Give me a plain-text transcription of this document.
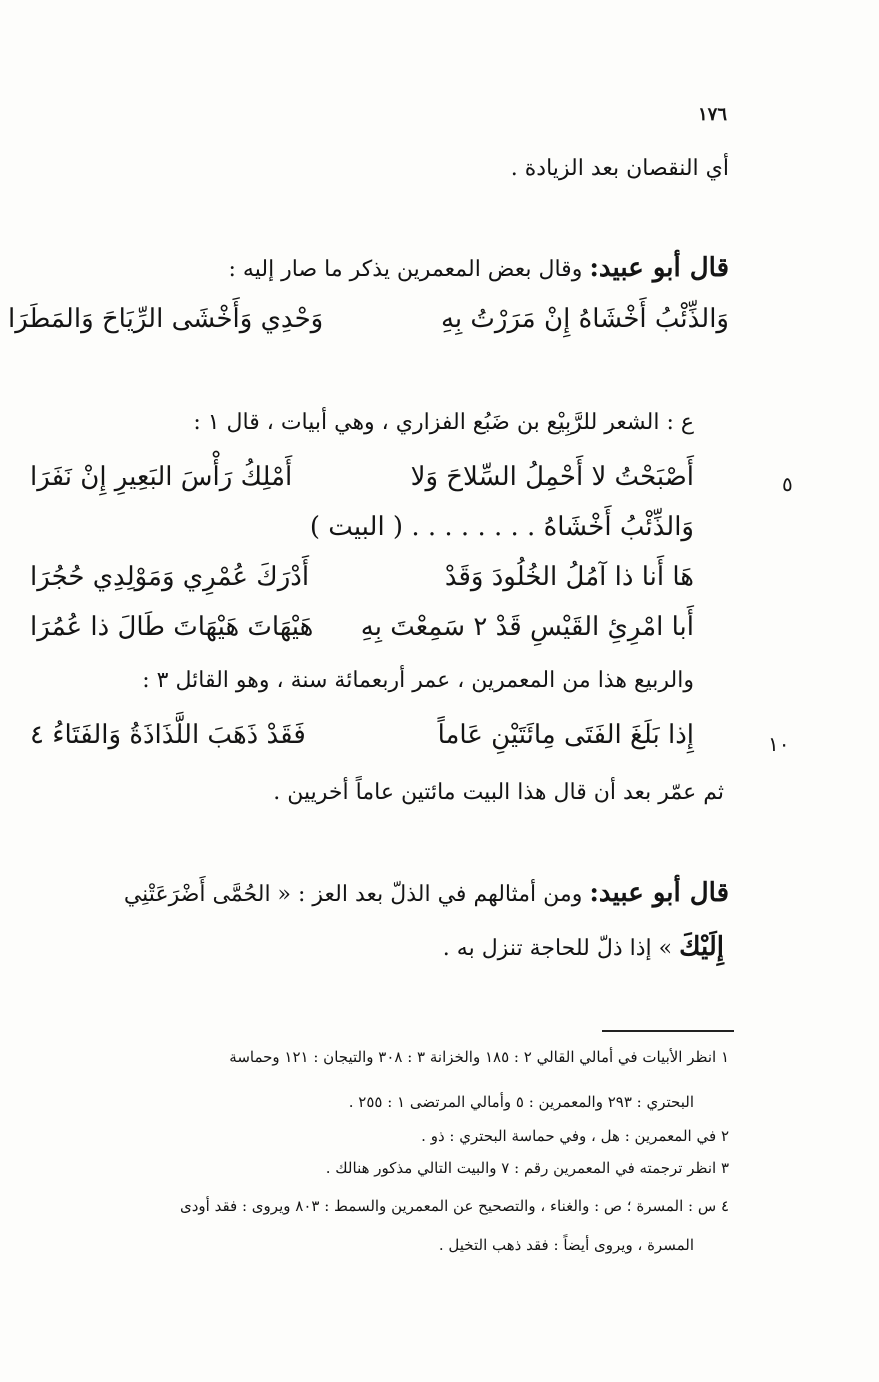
١٧٦
أي النقصان بعد الزيادة .
قال أبو عبيد: وقال بعض المعمرين يذكر ما صار إليه :
وَالذِّئْبُ أَخْشَاهُ إِنْ مَرَرْتُ بِهِ
وَحْدِي وَأَخْشَى الرِّيَاحَ وَالمَطَرَا
ع : الشعر للرَّبِيْع بن ضَبُع الفزاري ، وهي أبيات ، قال ١ :
أَصْبَحْتُ لا أَحْمِلُ السِّلاحَ وَلا
أَمْلِكُ رَأْسَ البَعِيرِ إِنْ نَفَرَا	٥
وَالذِّئْبُ أَخْشَاهُ . . . . . . . . ( البيت )
هَا أَنا ذا آمُلُ الخُلُودَ وَقَدْ
أَدْرَكَ عُمْرِي وَمَوْلِدِي حُجُرَا
أَبا امْرِئِ القَيْسِ قَدْ ٢ سَمِعْتَ بِهِ
هَيْهَاتَ هَيْهَاتَ طَالَ ذا عُمُرَا
والربيع هذا من المعمرين ، عمر أربعمائة سنة ، وهو القائل ٣ :
إِذا بَلَغَ الفَتَى مِائَتَيْنِ عَاماً
فَقَدْ ذَهَبَ اللَّذَاذَةُ وَالفَتَاءُ ٤	١٠
ثم عمّر بعد أن قال هذا البيت مائتين عاماً أخريين .
قال أبو عبيد: ومن أمثالهم في الذلّ بعد العز : « الحُمَّى أَضْرَعَتْنِي
إِلَيْكَ » إذا ذلّ للحاجة تنزل به .
١ انظر الأبيات في أمالي القالي ٢ : ١٨٥ والخزانة ٣ : ٣٠٨ والتيجان : ١٢١ وحماسة
البحتري : ٢٩٣ والمعمرين : ٥ وأمالي المرتضى ١ : ٢٥٥ .
٢ في المعمرين : هل ، وفي حماسة البحتري : ذو .
٣ انظر ترجمته في المعمرين رقم : ٧ والبيت التالي مذكور هنالك .
٤ س : المسرة ؛ ص : والغناء ، والتصحيح عن المعمرين والسمط : ٨٠٣ ويروى : فقد أودى
المسرة ، ويروى أيضاً : فقد ذهب التخيل .
